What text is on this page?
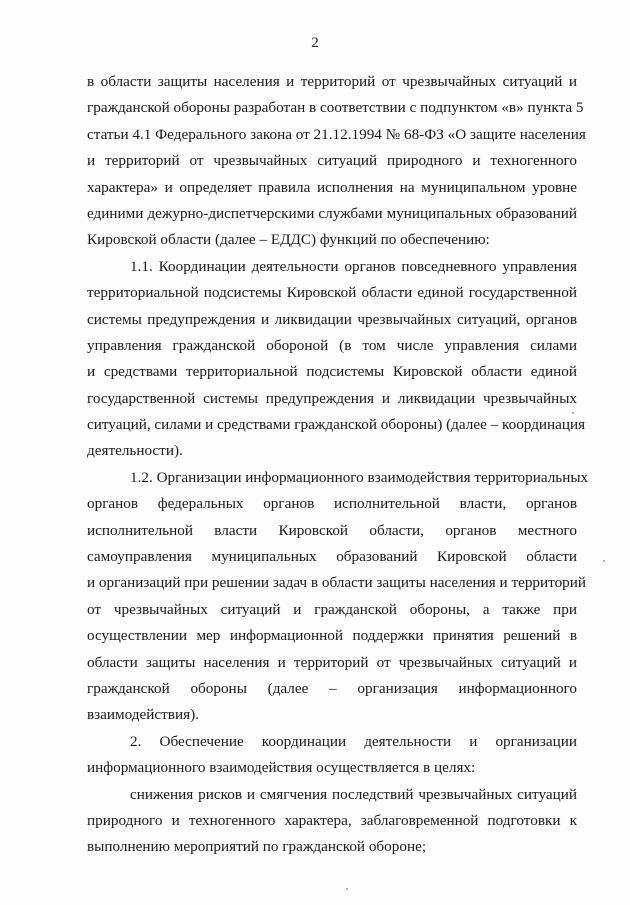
2
в области защиты населения и территорий от чрезвычайных ситуаций и
гражданской обороны разработан в соответствии с подпунктом «в» пункта 5
статьи 4.1 Федерального закона от 21.12.1994 № 68-ФЗ «О защите населения
и территорий от чрезвычайных ситуаций природного и техногенного
характера» и определяет правила исполнения на муниципальном уровне
единими дежурно-диспетчерскими службами муниципальных образований
Кировской области (далее – ЕДДС) функций по обеспечению:
1.1. Координации деятельности органов повседневного управления
территориальной подсистемы Кировской области единой государственной
системы предупреждения и ликвидации чрезвычайных ситуаций, органов
управления гражданской обороной (в том числе управления силами
и средствами территориальной подсистемы Кировской области единой
государственной системы предупреждения и ликвидации чрезвычайных
ситуаций, силами и средствами гражданской обороны) (далее – координация
деятельности).
1.2. Организации информационного взаимодействия территориальных
органов федеральных органов исполнительной власти, органов
исполнительной власти Кировской области, органов местного
самоуправления муниципальных образований Кировской области
и организаций при решении задач в области защиты населения и территорий
от чрезвычайных ситуаций и гражданской обороны, а также при
осуществлении мер информационной поддержки принятия решений в
области защиты населения и территорий от чрезвычайных ситуаций и
гражданской обороны (далее – организация информационного
взаимодействия).
2. Обеспечение координации деятельности и организации
информационного взаимодействия осуществляется в целях:
снижения рисков и смягчения последствий чрезвычайных ситуаций
природного и техногенного характера, заблаговременной подготовки к
выполнению мероприятий по гражданской обороне;
